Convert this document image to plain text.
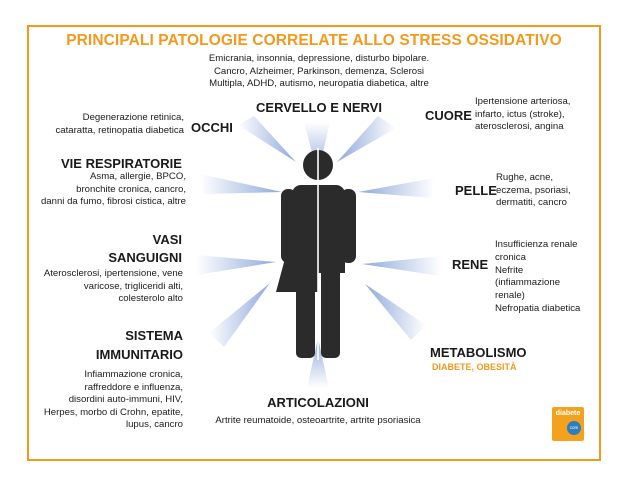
PRINCIPALI PATOLOGIE CORRELATE ALLO STRESS OSSIDATIVO
Emicrania, insonnia, depressione, disturbo bipolare.
Cancro, Alzheimer, Parkinson, demenza, Sclerosi
Multipla, ADHD, autismo, neuropatia diabetica, altre
CERVELLO E NERVI
Degenerazione retinica,
cataratta, retinopatia diabetica OCCHI
CUORE
Ipertensione arteriosa,
infarto, ictus (stroke),
aterosclerosi, angina
VIE RESPIRATORIE
Asma, allergie, BPCO,
bronchite cronica, cancro,
danni da fumo, fibrosi cistica, altre
PELLE
Rughe, acne,
eczema, psoriasi,
dermatiti, cancro
VASI
SANGUIGNI
Aterosclerosi, ipertensione, vene
varicose, trigliceridi alti,
colesterolo alto
RENE
Insufficienza renale
cronica
Nefrite
(infiammazione
renale)
Nefropatia diabetica
SISTEMA
IMMUNITARIO
Infiammazione cronica,
raffreddore e influenza,
disordini auto-immuni, HIV,
Herpes, morbo di Crohn, epatite,
lupus, cancro
METABOLISMO
DIABETE, OBESITÀ
ARTICOLAZIONI
Artrite reumatoide, osteoartrite, artrite psoriasica
diabete
com
